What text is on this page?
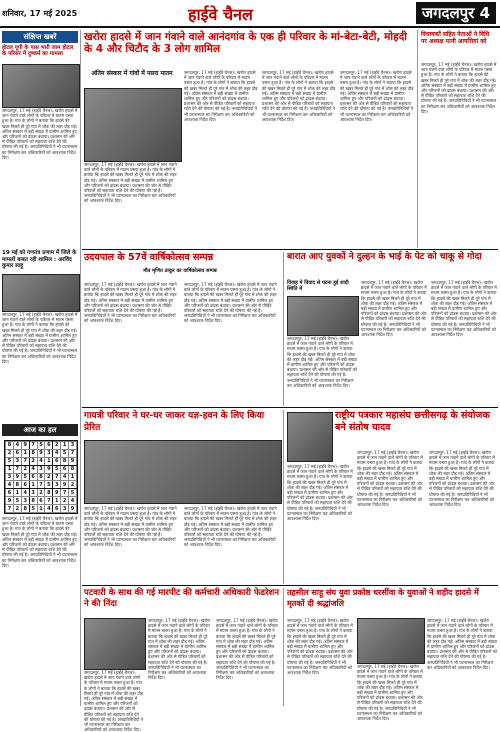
शनिवार, 17 मई 2025	हाईवे चैनल	जगदलपुर 4
संक्षिप्त खबरें
होटल यूपी के पास भारी जाम होटल के परिसर में दुष्कर्म का मामला
जगदलपुर, 17 मई (हाईवे चैनल)। खरोरा हादसे में जान गंवाने वाले लोगों के परिवार में मातम पसरा हुआ है। गांव के लोगों ने बताया कि हादसे की खबर मिलते ही पूरे गांव में शोक की लहर दौड़ गई। अंतिम संस्कार में बड़ी संख्या में ग्रामीण शामिल हुए और परिजनों को ढांढस बंधाया। प्रशासन की ओर से पीड़ित परिवारों को सहायता राशि देने की घोषणा की गई है। जनप्रतिनिधियों ने भी घटनास्थल का निरीक्षण कर अधिकारियों को आवश्यक निर्देश दिए।
19 मई को गणतंत्र प्रणाम में जिले के मामलों बाबत रही शामिल : अरविंद कुमार साहू
जगदलपुर, 17 मई (हाईवे चैनल)। खरोरा हादसे में जान गंवाने वाले लोगों के परिवार में मातम पसरा हुआ है। गांव के लोगों ने बताया कि हादसे की खबर मिलते ही पूरे गांव में शोक की लहर दौड़ गई। अंतिम संस्कार में बड़ी संख्या में ग्रामीण शामिल हुए और परिजनों को ढांढस बंधाया। प्रशासन की ओर से पीड़ित परिवारों को सहायता राशि देने की घोषणा की गई है। जनप्रतिनिधियों ने भी घटनास्थल का निरीक्षण कर अधिकारियों को आवश्यक निर्देश दिए।
आज का हल
8	4	9	7	5	6	2	1	3
2	6	1	8	9	3	4	5	7
5	3	7	2	4	1	6	8	9
1	7	2	4	3	9	5	6	8
3	9	5	6	8	2	7	4	1
4	8	6	1	7	5	3	9	2
6	1	4	3	2	8	9	7	5
9	5	3	8	6	7	1	2	4
7	2	8	5	1	4	6	3	9
जगदलपुर, 17 मई (हाईवे चैनल)। खरोरा हादसे में जान गंवाने वाले लोगों के परिवार में मातम पसरा हुआ है। गांव के लोगों ने बताया कि हादसे की खबर मिलते ही पूरे गांव में शोक की लहर दौड़ गई। अंतिम संस्कार में बड़ी संख्या में ग्रामीण शामिल हुए और परिजनों को ढांढस बंधाया। प्रशासन की ओर से पीड़ित परिवारों को सहायता राशि देने की घोषणा की गई है। जनप्रतिनिधियों ने भी घटनास्थल का निरीक्षण कर अधिकारियों को आवश्यक निर्देश दिए।
खरोरा हादसे में जान गंवाने वाले आनंदगांव के एक ही परिवार के मां-बेटा-बेटी, मोहदी के 4 और चिटौद के 3 लोग शामिल
अंतिम संस्कार में गांवों में पसरा मातम
जगदलपुर, 17 मई (हाईवे चैनल)। खरोरा हादसे में जान गंवाने वाले लोगों के परिवार में मातम पसरा हुआ है। गांव के लोगों ने बताया कि हादसे की खबर मिलते ही पूरे गांव में शोक की लहर दौड़ गई। अंतिम संस्कार में बड़ी संख्या में ग्रामीण शामिल हुए और परिजनों को ढांढस बंधाया। प्रशासन की ओर से पीड़ित परिवारों को सहायता राशि देने की घोषणा की गई है। जनप्रतिनिधियों ने भी घटनास्थल का निरीक्षण कर अधिकारियों को आवश्यक निर्देश दिए।
जगदलपुर, 17 मई (हाईवे चैनल)। खरोरा हादसे में जान गंवाने वाले लोगों के परिवार में मातम पसरा हुआ है। गांव के लोगों ने बताया कि हादसे की खबर मिलते ही पूरे गांव में शोक की लहर दौड़ गई। अंतिम संस्कार में बड़ी संख्या में ग्रामीण शामिल हुए और परिजनों को ढांढस बंधाया। प्रशासन की ओर से पीड़ित परिवारों को सहायता राशि देने की घोषणा की गई है। जनप्रतिनिधियों ने भी घटनास्थल का निरीक्षण कर अधिकारियों को आवश्यक निर्देश दिए।
जगदलपुर, 17 मई (हाईवे चैनल)। खरोरा हादसे में जान गंवाने वाले लोगों के परिवार में मातम पसरा हुआ है। गांव के लोगों ने बताया कि हादसे की खबर मिलते ही पूरे गांव में शोक की लहर दौड़ गई। अंतिम संस्कार में बड़ी संख्या में ग्रामीण शामिल हुए और परिजनों को ढांढस बंधाया। प्रशासन की ओर से पीड़ित परिवारों को सहायता राशि देने की घोषणा की गई है। जनप्रतिनिधियों ने भी घटनास्थल का निरीक्षण कर अधिकारियों को आवश्यक निर्देश दिए।
जगदलपुर, 17 मई (हाईवे चैनल)। खरोरा हादसे में जान गंवाने वाले लोगों के परिवार में मातम पसरा हुआ है। गांव के लोगों ने बताया कि हादसे की खबर मिलते ही पूरे गांव में शोक की लहर दौड़ गई। अंतिम संस्कार में बड़ी संख्या में ग्रामीण शामिल हुए और परिजनों को ढांढस बंधाया। प्रशासन की ओर से पीड़ित परिवारों को सहायता राशि देने की घोषणा की गई है। जनप्रतिनिधियों ने भी घटनास्थल का निरीक्षण कर अधिकारियों को आवश्यक निर्देश दिए।
विधायकों सहित नेताओं ने विधि पर अध्यक्ष पत्नी आपत्तियां को
जगदलपुर, 17 मई (हाईवे चैनल)। खरोरा हादसे में जान गंवाने वाले लोगों के परिवार में मातम पसरा हुआ है। गांव के लोगों ने बताया कि हादसे की खबर मिलते ही पूरे गांव में शोक की लहर दौड़ गई। अंतिम संस्कार में बड़ी संख्या में ग्रामीण शामिल हुए और परिजनों को ढांढस बंधाया। प्रशासन की ओर से पीड़ित परिवारों को सहायता राशि देने की घोषणा की गई है। जनप्रतिनिधियों ने भी घटनास्थल का निरीक्षण कर अधिकारियों को आवश्यक निर्देश दिए।
उदयपाल के 57वें वार्षिकोत्सव सम्पन्न
मौत मृणित ठाकुर का वार्षिकोत्सव सम्पन्न
जगदलपुर, 17 मई (हाईवे चैनल)। खरोरा हादसे में जान गंवाने वाले लोगों के परिवार में मातम पसरा हुआ है। गांव के लोगों ने बताया कि हादसे की खबर मिलते ही पूरे गांव में शोक की लहर दौड़ गई। अंतिम संस्कार में बड़ी संख्या में ग्रामीण शामिल हुए और परिजनों को ढांढस बंधाया। प्रशासन की ओर से पीड़ित परिवारों को सहायता राशि देने की घोषणा की गई है। जनप्रतिनिधियों ने भी घटनास्थल का निरीक्षण कर अधिकारियों को आवश्यक निर्देश दिए।
जगदलपुर, 17 मई (हाईवे चैनल)। खरोरा हादसे में जान गंवाने वाले लोगों के परिवार में मातम पसरा हुआ है। गांव के लोगों ने बताया कि हादसे की खबर मिलते ही पूरे गांव में शोक की लहर दौड़ गई। अंतिम संस्कार में बड़ी संख्या में ग्रामीण शामिल हुए और परिजनों को ढांढस बंधाया। प्रशासन की ओर से पीड़ित परिवारों को सहायता राशि देने की घोषणा की गई है। जनप्रतिनिधियों ने भी घटनास्थल का निरीक्षण कर अधिकारियों को आवश्यक निर्देश दिए।
बारात आए युवकों ने दुल्हन के भाई के पेट को चाकू से गोदा
विवाह मे विवाद से घटना हुई शादी स्थिति में
जगदलपुर, 17 मई (हाईवे चैनल)। खरोरा हादसे में जान गंवाने वाले लोगों के परिवार में मातम पसरा हुआ है। गांव के लोगों ने बताया कि हादसे की खबर मिलते ही पूरे गांव में शोक की लहर दौड़ गई। अंतिम संस्कार में बड़ी संख्या में ग्रामीण शामिल हुए और परिजनों को ढांढस बंधाया। प्रशासन की ओर से पीड़ित परिवारों को सहायता राशि देने की घोषणा की गई है। जनप्रतिनिधियों ने भी घटनास्थल का निरीक्षण कर अधिकारियों को आवश्यक निर्देश दिए।
जगदलपुर, 17 मई (हाईवे चैनल)। खरोरा हादसे में जान गंवाने वाले लोगों के परिवार में मातम पसरा हुआ है। गांव के लोगों ने बताया कि हादसे की खबर मिलते ही पूरे गांव में शोक की लहर दौड़ गई। अंतिम संस्कार में बड़ी संख्या में ग्रामीण शामिल हुए और परिजनों को ढांढस बंधाया। प्रशासन की ओर से पीड़ित परिवारों को सहायता राशि देने की घोषणा की गई है। जनप्रतिनिधियों ने भी घटनास्थल का निरीक्षण कर अधिकारियों को आवश्यक निर्देश दिए।
जगदलपुर, 17 मई (हाईवे चैनल)। खरोरा हादसे में जान गंवाने वाले लोगों के परिवार में मातम पसरा हुआ है। गांव के लोगों ने बताया कि हादसे की खबर मिलते ही पूरे गांव में शोक की लहर दौड़ गई। अंतिम संस्कार में बड़ी संख्या में ग्रामीण शामिल हुए और परिजनों को ढांढस बंधाया। प्रशासन की ओर से पीड़ित परिवारों को सहायता राशि देने की घोषणा की गई है। जनप्रतिनिधियों ने भी घटनास्थल का निरीक्षण कर अधिकारियों को आवश्यक निर्देश दिए।
गायत्री परिवार ने घर-घर जाकर यज्ञ-हवन के लिए किया प्रेरित
जगदलपुर, 17 मई (हाईवे चैनल)। खरोरा हादसे में जान गंवाने वाले लोगों के परिवार में मातम पसरा हुआ है। गांव के लोगों ने बताया कि हादसे की खबर मिलते ही पूरे गांव में शोक की लहर दौड़ गई। अंतिम संस्कार में बड़ी संख्या में ग्रामीण शामिल हुए और परिजनों को ढांढस बंधाया। प्रशासन की ओर से पीड़ित परिवारों को सहायता राशि देने की घोषणा की गई है। जनप्रतिनिधियों ने भी घटनास्थल का निरीक्षण कर अधिकारियों को आवश्यक निर्देश दिए।
जगदलपुर, 17 मई (हाईवे चैनल)। खरोरा हादसे में जान गंवाने वाले लोगों के परिवार में मातम पसरा हुआ है। गांव के लोगों ने बताया कि हादसे की खबर मिलते ही पूरे गांव में शोक की लहर दौड़ गई। अंतिम संस्कार में बड़ी संख्या में ग्रामीण शामिल हुए और परिजनों को ढांढस बंधाया। प्रशासन की ओर से पीड़ित परिवारों को सहायता राशि देने की घोषणा की गई है। जनप्रतिनिधियों ने भी घटनास्थल का निरीक्षण कर अधिकारियों को आवश्यक निर्देश दिए।
राष्ट्रीय पत्रकार महासंघ छत्तीसगढ़ के संयोजक बने संतोष यादव
जगदलपुर, 17 मई (हाईवे चैनल)। खरोरा हादसे में जान गंवाने वाले लोगों के परिवार में मातम पसरा हुआ है। गांव के लोगों ने बताया कि हादसे की खबर मिलते ही पूरे गांव में शोक की लहर दौड़ गई। अंतिम संस्कार में बड़ी संख्या में ग्रामीण शामिल हुए और परिजनों को ढांढस बंधाया। प्रशासन की ओर से पीड़ित परिवारों को सहायता राशि देने की घोषणा की गई है। जनप्रतिनिधियों ने भी घटनास्थल का निरीक्षण कर अधिकारियों को आवश्यक निर्देश दिए।
जगदलपुर, 17 मई (हाईवे चैनल)। खरोरा हादसे में जान गंवाने वाले लोगों के परिवार में मातम पसरा हुआ है। गांव के लोगों ने बताया कि हादसे की खबर मिलते ही पूरे गांव में शोक की लहर दौड़ गई। अंतिम संस्कार में बड़ी संख्या में ग्रामीण शामिल हुए और परिजनों को ढांढस बंधाया। प्रशासन की ओर से पीड़ित परिवारों को सहायता राशि देने की घोषणा की गई है। जनप्रतिनिधियों ने भी घटनास्थल का निरीक्षण कर अधिकारियों को आवश्यक निर्देश दिए।
जगदलपुर, 17 मई (हाईवे चैनल)। खरोरा हादसे में जान गंवाने वाले लोगों के परिवार में मातम पसरा हुआ है। गांव के लोगों ने बताया कि हादसे की खबर मिलते ही पूरे गांव में शोक की लहर दौड़ गई। अंतिम संस्कार में बड़ी संख्या में ग्रामीण शामिल हुए और परिजनों को ढांढस बंधाया। प्रशासन की ओर से पीड़ित परिवारों को सहायता राशि देने की घोषणा की गई है। जनप्रतिनिधियों ने भी घटनास्थल का निरीक्षण कर अधिकारियों को आवश्यक निर्देश दिए।
पटवारी के साथ की गई मारपीट की कर्मचारी अधिकारी फेडरेशन ने की निंदा
जगदलपुर, 17 मई (हाईवे चैनल)। खरोरा हादसे में जान गंवाने वाले लोगों के परिवार में मातम पसरा हुआ है। गांव के लोगों ने बताया कि हादसे की खबर मिलते ही पूरे गांव में शोक की लहर दौड़ गई। अंतिम संस्कार में बड़ी संख्या में ग्रामीण शामिल हुए और परिजनों को ढांढस बंधाया। प्रशासन की ओर से पीड़ित परिवारों को सहायता राशि देने की घोषणा की गई है। जनप्रतिनिधियों ने भी घटनास्थल का निरीक्षण कर अधिकारियों को आवश्यक निर्देश दिए।
जगदलपुर, 17 मई (हाईवे चैनल)। खरोरा हादसे में जान गंवाने वाले लोगों के परिवार में मातम पसरा हुआ है। गांव के लोगों ने बताया कि हादसे की खबर मिलते ही पूरे गांव में शोक की लहर दौड़ गई। अंतिम संस्कार में बड़ी संख्या में ग्रामीण शामिल हुए और परिजनों को ढांढस बंधाया। प्रशासन की ओर से पीड़ित परिवारों को सहायता राशि देने की घोषणा की गई है। जनप्रतिनिधियों ने भी घटनास्थल का निरीक्षण कर अधिकारियों को आवश्यक निर्देश दिए।
जगदलपुर, 17 मई (हाईवे चैनल)। खरोरा हादसे में जान गंवाने वाले लोगों के परिवार में मातम पसरा हुआ है। गांव के लोगों ने बताया कि हादसे की खबर मिलते ही पूरे गांव में शोक की लहर दौड़ गई। अंतिम संस्कार में बड़ी संख्या में ग्रामीण शामिल हुए और परिजनों को ढांढस बंधाया। प्रशासन की ओर से पीड़ित परिवारों को सहायता राशि देने की घोषणा की गई है। जनप्रतिनिधियों ने भी घटनास्थल का निरीक्षण कर अधिकारियों को आवश्यक निर्देश दिए।
तहसील साहू संघ युवा प्रकोष्ठ धरसींवा के युवाओं ने शहीद हादसे में मृतकों दी श्रद्धांजलि
जगदलपुर, 17 मई (हाईवे चैनल)। खरोरा हादसे में जान गंवाने वाले लोगों के परिवार में मातम पसरा हुआ है। गांव के लोगों ने बताया कि हादसे की खबर मिलते ही पूरे गांव में शोक की लहर दौड़ गई। अंतिम संस्कार में बड़ी संख्या में ग्रामीण शामिल हुए और परिजनों को ढांढस बंधाया। प्रशासन की ओर से पीड़ित परिवारों को सहायता राशि देने की घोषणा की गई है। जनप्रतिनिधियों ने भी घटनास्थल का निरीक्षण कर अधिकारियों को आवश्यक निर्देश दिए।
जगदलपुर, 17 मई (हाईवे चैनल)। खरोरा हादसे में जान गंवाने वाले लोगों के परिवार में मातम पसरा हुआ है। गांव के लोगों ने बताया कि हादसे की खबर मिलते ही पूरे गांव में शोक की लहर दौड़ गई। अंतिम संस्कार में बड़ी संख्या में ग्रामीण शामिल हुए और परिजनों को ढांढस बंधाया। प्रशासन की ओर से पीड़ित परिवारों को सहायता राशि देने की घोषणा की गई है। जनप्रतिनिधियों ने भी घटनास्थल का निरीक्षण कर अधिकारियों को आवश्यक निर्देश दिए।
जगदलपुर, 17 मई (हाईवे चैनल)। खरोरा हादसे में जान गंवाने वाले लोगों के परिवार में मातम पसरा हुआ है। गांव के लोगों ने बताया कि हादसे की खबर मिलते ही पूरे गांव में शोक की लहर दौड़ गई। अंतिम संस्कार में बड़ी संख्या में ग्रामीण शामिल हुए और परिजनों को ढांढस बंधाया। प्रशासन की ओर से पीड़ित परिवारों को सहायता राशि देने की घोषणा की गई है। जनप्रतिनिधियों ने भी घटनास्थल का निरीक्षण कर अधिकारियों को आवश्यक निर्देश दिए।
